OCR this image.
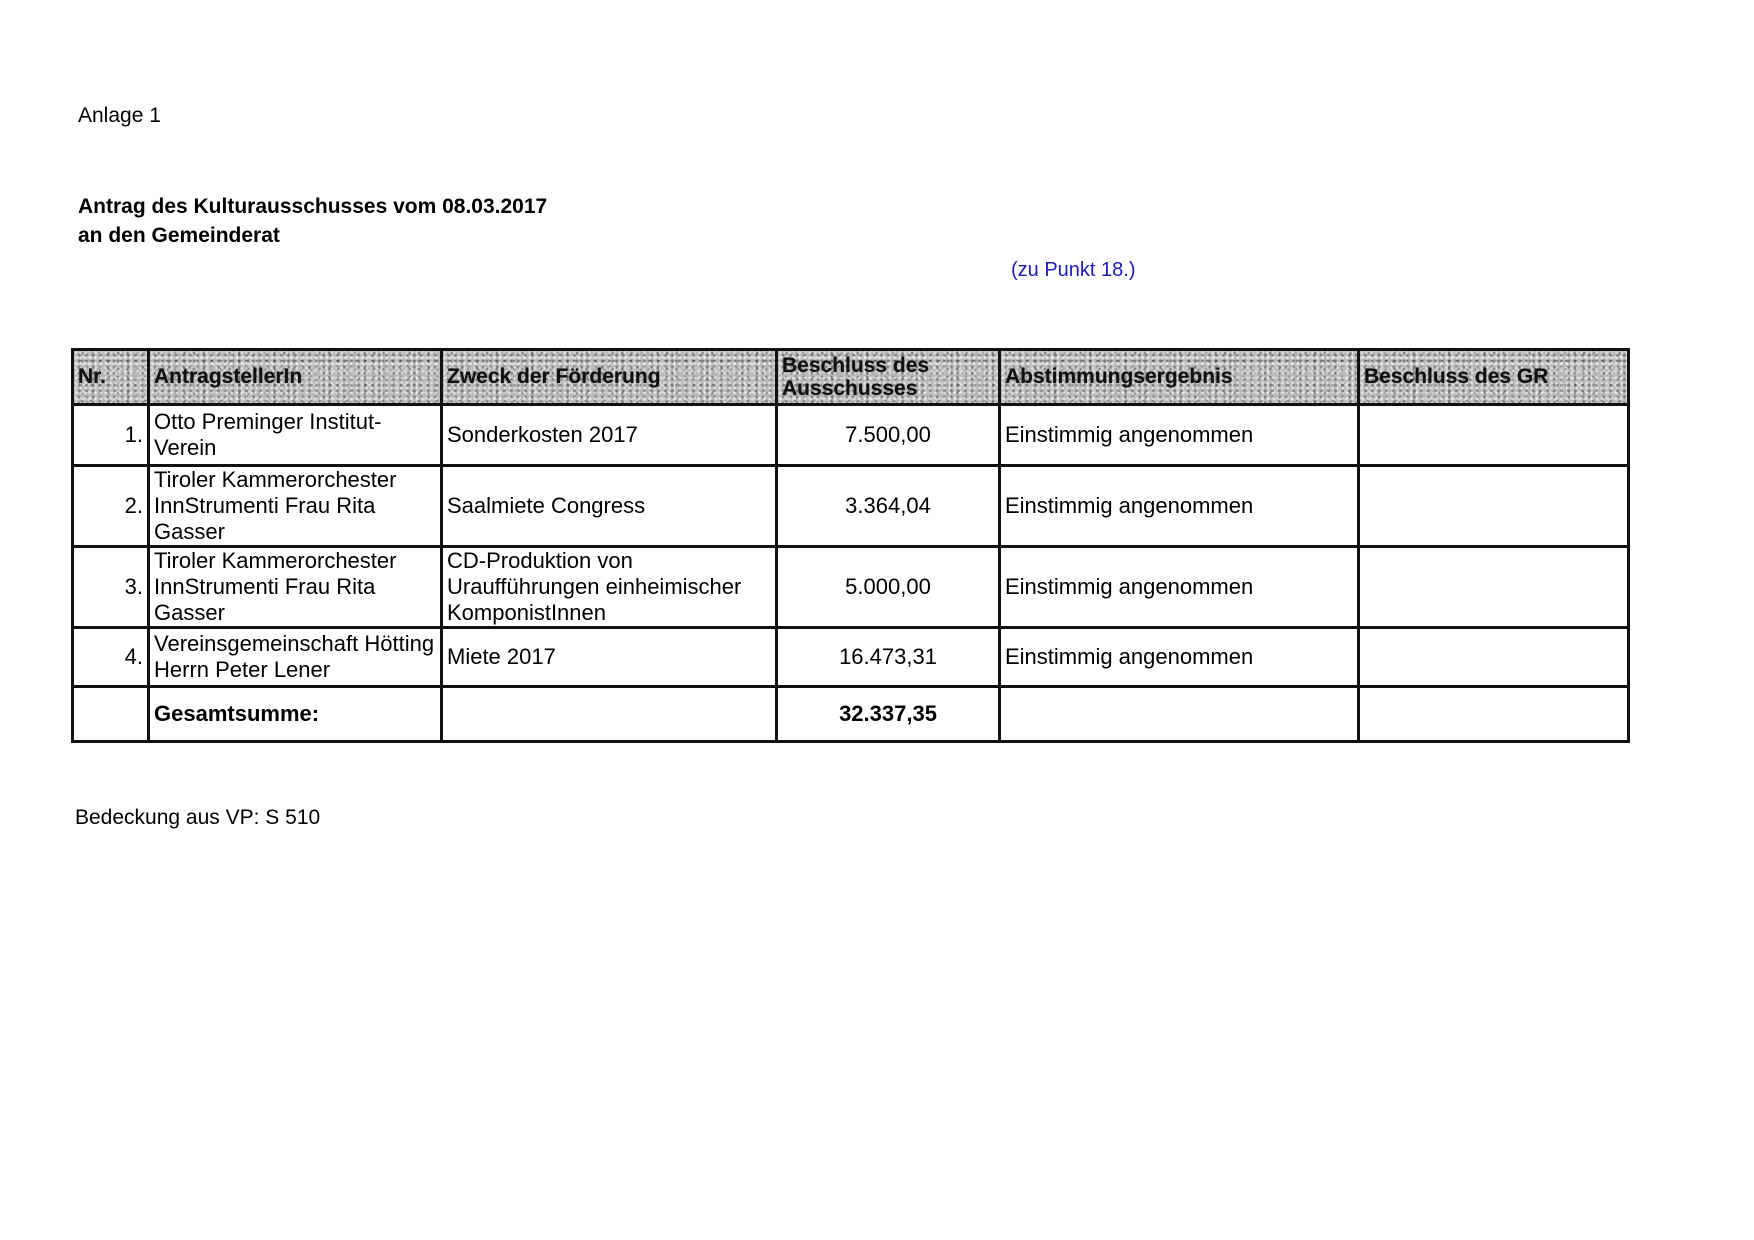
Anlage 1
Antrag des Kulturausschusses vom 08.03.2017
an den Gemeinderat
(zu Punkt 18.)
Nr.	AntragstellerIn	Zweck der Förderung	Beschluss des Ausschusses	Abstimmungsergebnis	Beschluss des GR
1.	Otto Preminger Institut-Verein	Sonderkosten 2017	7.500,00	Einstimmig angenommen	
2.	Tiroler Kammerorchester InnStrumenti Frau Rita Gasser	Saalmiete Congress	3.364,04	Einstimmig angenommen	
3.	Tiroler Kammerorchester InnStrumenti Frau Rita Gasser	CD-Produktion von Uraufführungen einheimischer KomponistInnen	5.000,00	Einstimmig angenommen	
4.	Vereinsgemeinschaft Hötting Herrn Peter Lener	Miete 2017	16.473,31	Einstimmig angenommen	
	Gesamtsumme:		32.337,35		
Bedeckung aus VP: S 510
